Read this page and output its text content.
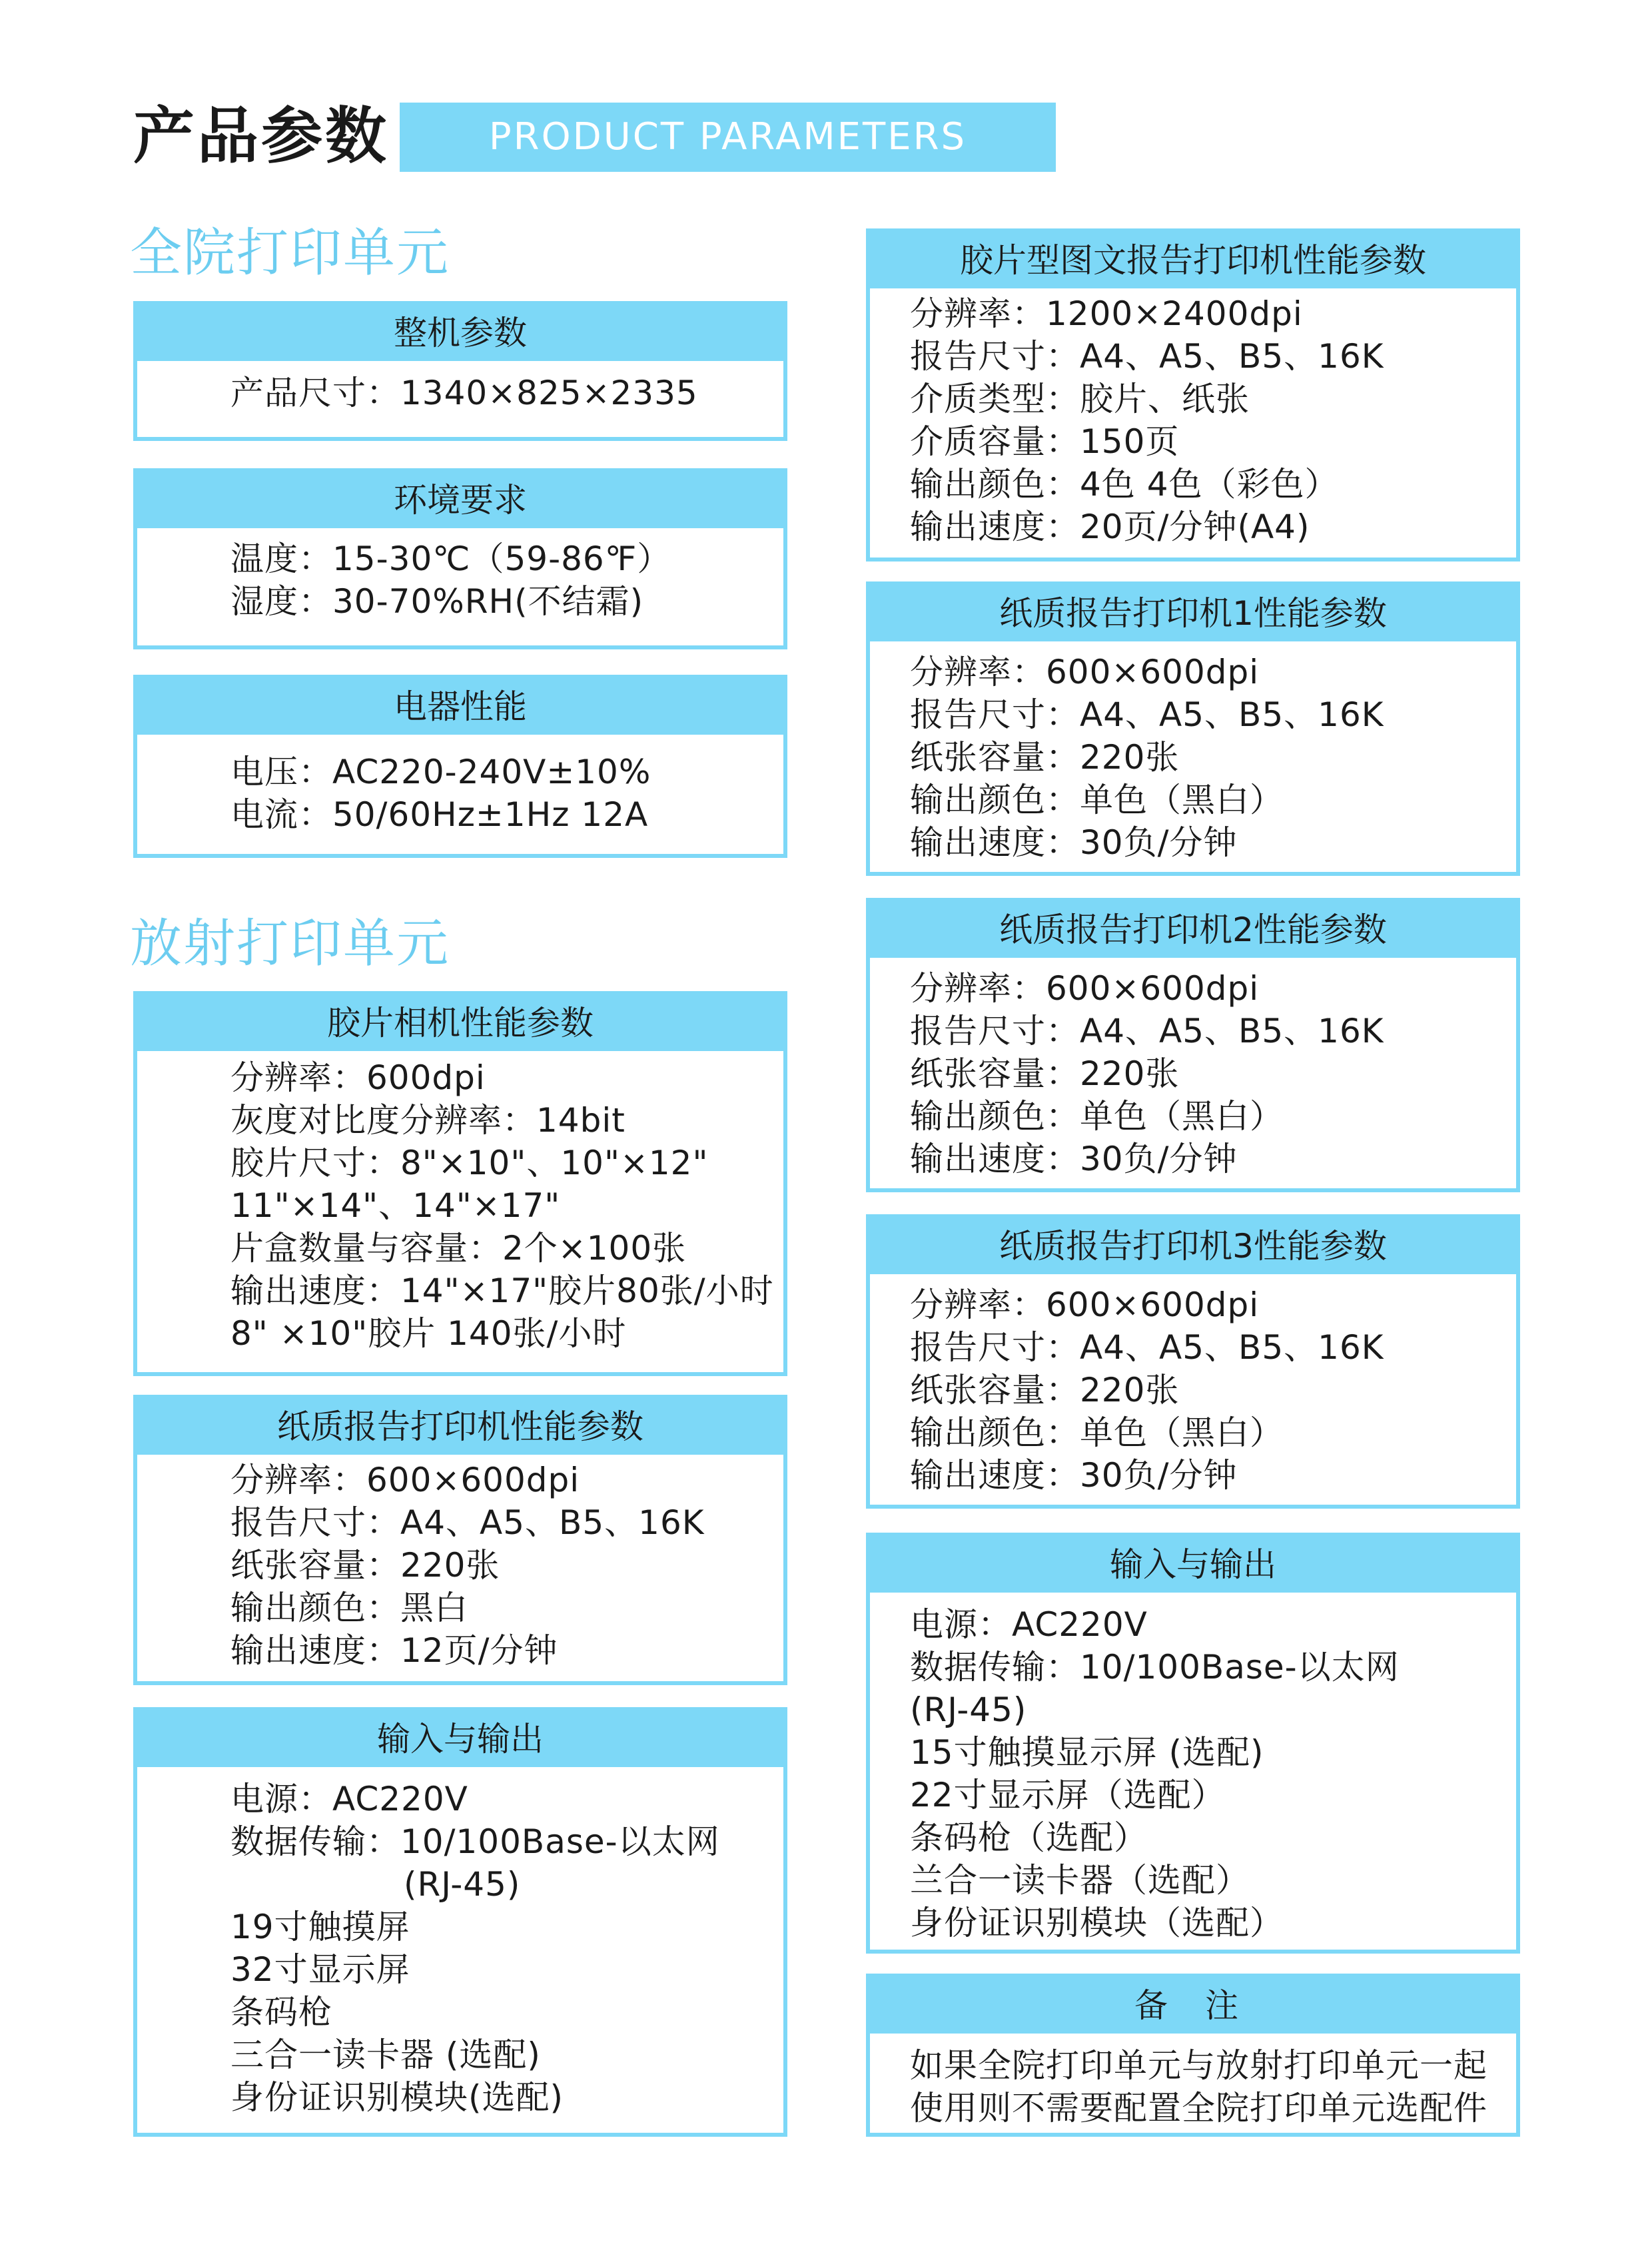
产品参数	PRODUCT PARAMETERS
全院打印单元
整机参数
产品尺寸：1340×825×2335
环境要求
温度：15-30℃（59-86℉）
湿度：30-70%RH(不结霜)
电器性能
电压：AC220-240V±10%
电流：50/60Hz±1Hz 12A
放射打印单元
胶片相机性能参数
分辨率：600dpi
灰度对比度分辨率：14bit
胶片尺寸：8"×10"、10"×12"
11"×14"、14"×17"
片盒数量与容量：2个×100张
输出速度：14"×17"胶片80张/小时
8" ×10"胶片 140张/小时
纸质报告打印机性能参数
分辨率：600×600dpi
报告尺寸：A4、A5、B5、16K
纸张容量：220张
输出颜色：黑白
输出速度：12页/分钟
输入与输出
电源：AC220V
数据传输：10/100Base-以太网
(RJ-45)
19寸触摸屏
32寸显示屏
条码枪
三合一读卡器 (选配)
身份证识别模块(选配)
胶片型图文报告打印机性能参数
分辨率：1200×2400dpi
报告尺寸：A4、A5、B5、16K
介质类型：胶片、纸张
介质容量：150页
输出颜色：4色 4色（彩色）
输出速度：20页/分钟(A4)
纸质报告打印机1性能参数
分辨率：600×600dpi
报告尺寸：A4、A5、B5、16K
纸张容量：220张
输出颜色：单色（黑白）
输出速度：30负/分钟
纸质报告打印机2性能参数
分辨率：600×600dpi
报告尺寸：A4、A5、B5、16K
纸张容量：220张
输出颜色：单色（黑白）
输出速度：30负/分钟
纸质报告打印机3性能参数
分辨率：600×600dpi
报告尺寸：A4、A5、B5、16K
纸张容量：220张
输出颜色：单色（黑白）
输出速度：30负/分钟
输入与输出
电源：AC220V
数据传输：10/100Base-以太网
(RJ-45)
15寸触摸显示屏 (选配)
22寸显示屏（选配）
条码枪（选配）
兰合一读卡器（选配）
身份证识别模块（选配）
备 注
如果全院打印单元与放射打印单元一起
使用则不需要配置全院打印单元选配件
